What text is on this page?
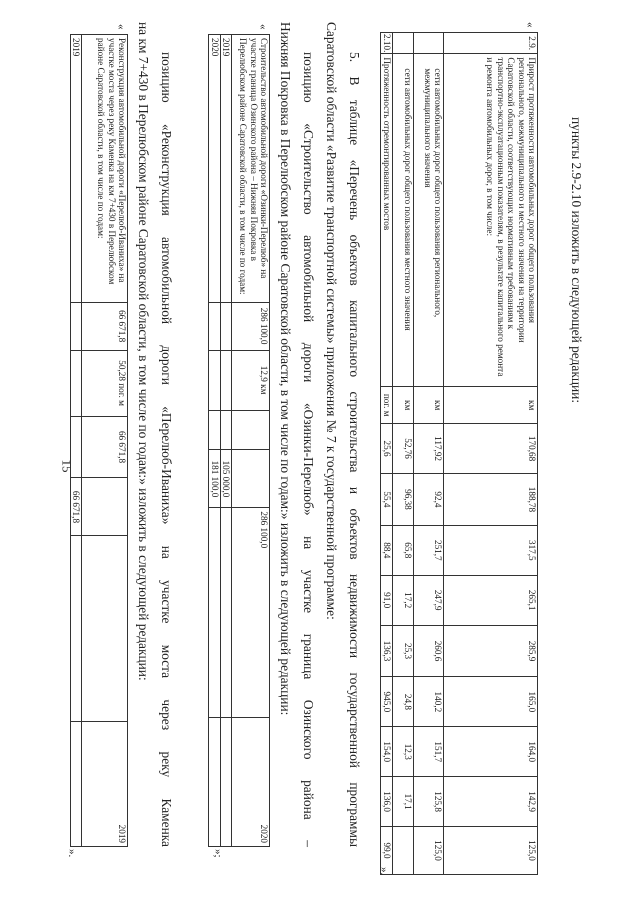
15
пункты 2.9-2.10 изложить в следующей редакции:
«
2.9.	Прирост протяженности автомобильных дорог общего пользования регионального, межмуниципального и местного значения на территории Саратовской области, соответствующих нормативным требованиям к транспортно-эксплуатационным показателям, в результате капитального ремонта и ремонта автомобильных дорог, в том числе:	км	170,68	188,78	317,5	265,1	285,9	165,0	164,0	142,9	125,0
	сети автомобильных дорог общего пользования регионального, межмуниципального значения	км	117,92	92,4	251,7	247,9	260,6	140,2	151,7	125,8	125,0
	сети автомобильных дорог общего пользования местного значения	км	52,76	96,38	65,8	17,2	25,3	24,8	12,3	17,1	
2.10.	Протяженность отремонтированных мостов	пог. м	25,6	55,4	88,4	91,0	136,3	945,0	154,0	136,0	99,0
».
5. В таблице «Перечень объектов капитального строительства и объектов недвижимости государственной программы
Саратовской области «Развитие транспортной системы» приложения № 7 к государственной программе:
позицию «Строительство автомобильной дороги «Озинки-Перелюб» на участке граница Озинского района –
Нижняя Покровка в Перелюбском районе Саратовской области, в том числе по годам:» изложить в следующей редакции:
«
Строительство автомобильной дороги «Озинки-Перелюб» на участке граница Озинского района – Нижняя Покровка в Перелюбском районе Саратовской области, в том числе по годам:	286 100,0	12,9 км			286 100,0	2020
2019				105 000,0		
2020				181 100,0		
»;
позицию «Реконструкция автомобильной дороги «Перелюб-Иваниха» на участке моста через реку Каменка
на км 7+430 в Перелюбском районе Саратовской области, в том числе по годам:» изложить в следующей редакции:
«
Реконструкция автомобильной дороги «Перелюб-Иваниха» на участке моста через реку Каменка на км 7+430 в Перелюбском районе Саратовской области, в том числе по годам:	66 671,8	50,28 пог. м	66 671,8			2019
2019				66 671,8		
».
